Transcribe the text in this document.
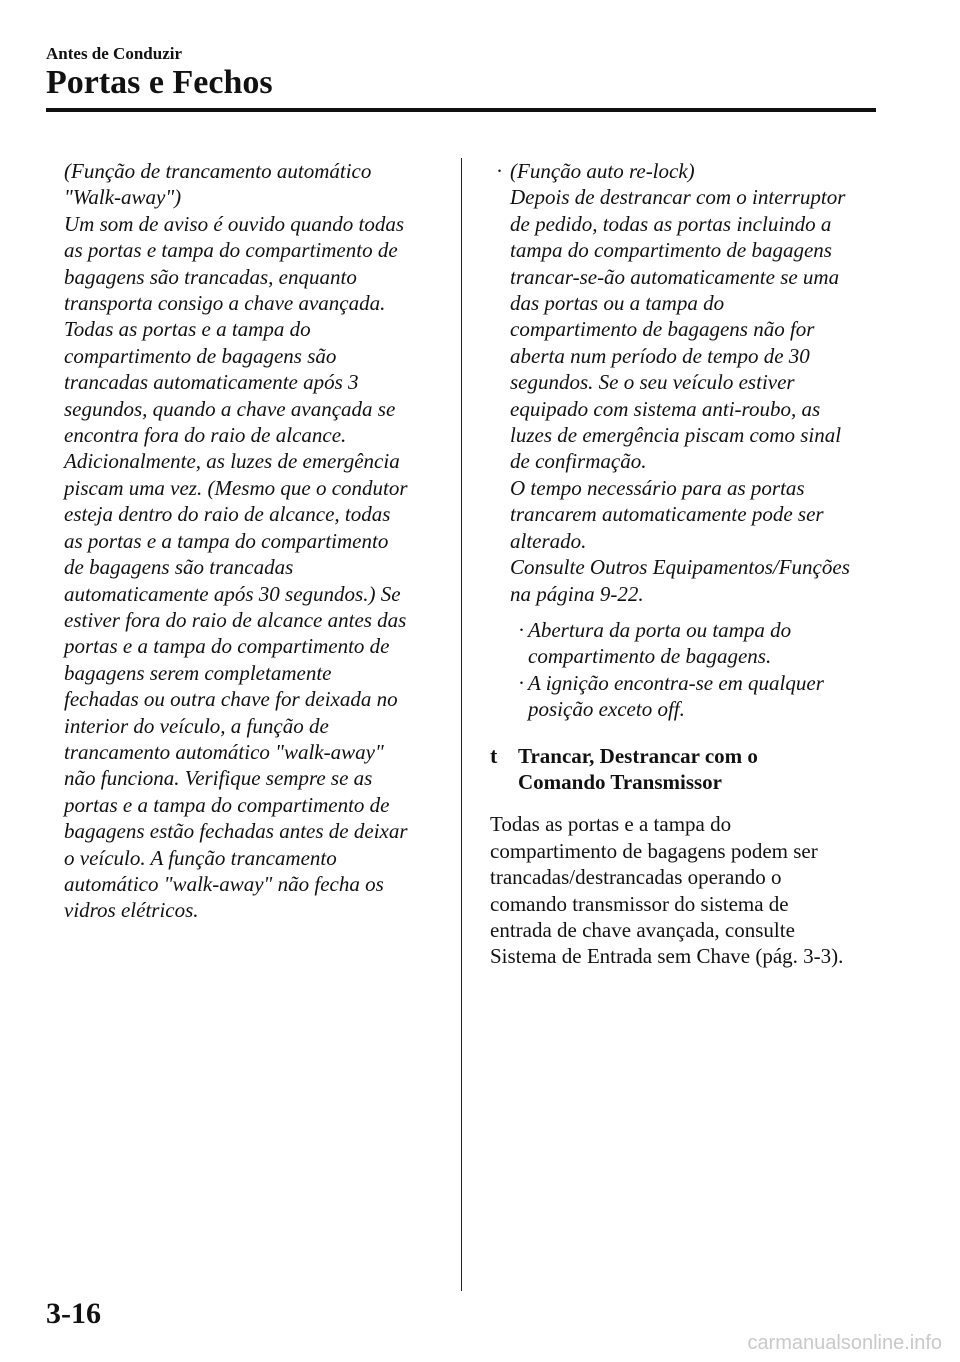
Antes de Conduzir
Portas e Fechos
(Função de trancamento automático
"Walk-away")
Um som de aviso é ouvido quando todas
as portas e tampa do compartimento de
bagagens são trancadas, enquanto
transporta consigo a chave avançada.
Todas as portas e a tampa do
compartimento de bagagens são
trancadas automaticamente após 3
segundos, quando a chave avançada se
encontra fora do raio de alcance.
Adicionalmente, as luzes de emergência
piscam uma vez. (Mesmo que o condutor
esteja dentro do raio de alcance, todas
as portas e a tampa do compartimento
de bagagens são trancadas
automaticamente após 30 segundos.) Se
estiver fora do raio de alcance antes das
portas e a tampa do compartimento de
bagagens serem completamente
fechadas ou outra chave for deixada no
interior do veículo, a função de
trancamento automático "walk-away"
não funciona. Verifique sempre se as
portas e a tampa do compartimento de
bagagens estão fechadas antes de deixar
o veículo. A função trancamento
automático "walk-away" não fecha os
vidros elétricos.
· (Função auto re-lock)
Depois de destrancar com o interruptor
de pedido, todas as portas incluindo a
tampa do compartimento de bagagens
trancar-se-ão automaticamente se uma
das portas ou a tampa do
compartimento de bagagens não for
aberta num período de tempo de 30
segundos. Se o seu veículo estiver
equipado com sistema anti-roubo, as
luzes de emergência piscam como sinal
de confirmação.
O tempo necessário para as portas
trancarem automaticamente pode ser
alterado.
Consulte Outros Equipamentos/Funções
na página 9-22.
· Abertura da porta ou tampa do
compartimento de bagagens.
· A ignição encontra-se em qualquer
posição exceto off.
t Trancar, Destrancar com o
Comando Transmissor
Todas as portas e a tampa do
compartimento de bagagens podem ser
trancadas/destrancadas operando o
comando transmissor do sistema de
entrada de chave avançada, consulte
Sistema de Entrada sem Chave (pág. 3-3).
3-16
carmanualsonline.info
